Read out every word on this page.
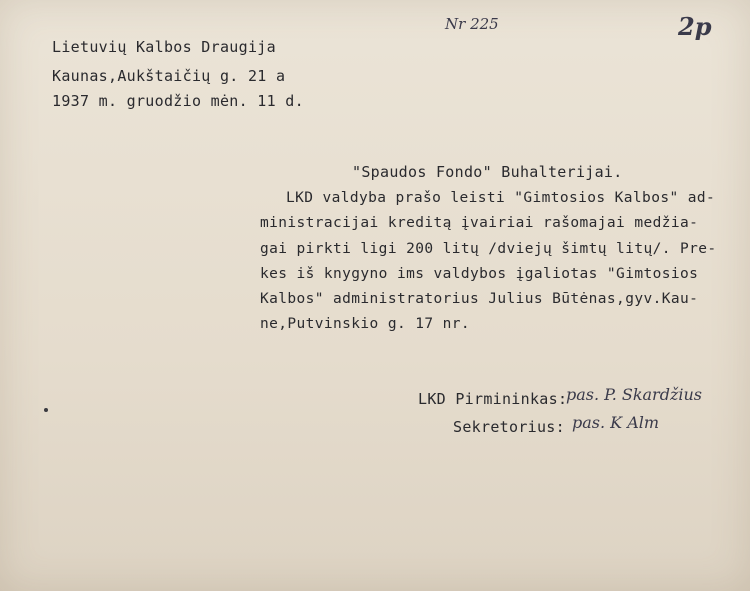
Lietuvių Kalbos Draugija
Kaunas,Aukštaičių g. 21 a
1937 m. gruodžio mėn. 11 d.
Nr 225	2p
"Spaudos Fondo" Buhalterijai.
LKD valdyba prašo leisti "Gimtosios Kalbos" ad-
ministracijai kreditą įvairiai rašomajai medžia-
gai pirkti ligi 200 litų /dviejų šimtų litų/. Pre-
kes iš knygyno ims valdybos įgaliotas "Gimtosios
Kalbos" administratorius Julius Būtėnas,gyv.Kau-
ne,Putvinskio g. 17 nr.
LKD Pirmininkas:
pas. P. Skardžius
Sekretorius: pas. K Alm
